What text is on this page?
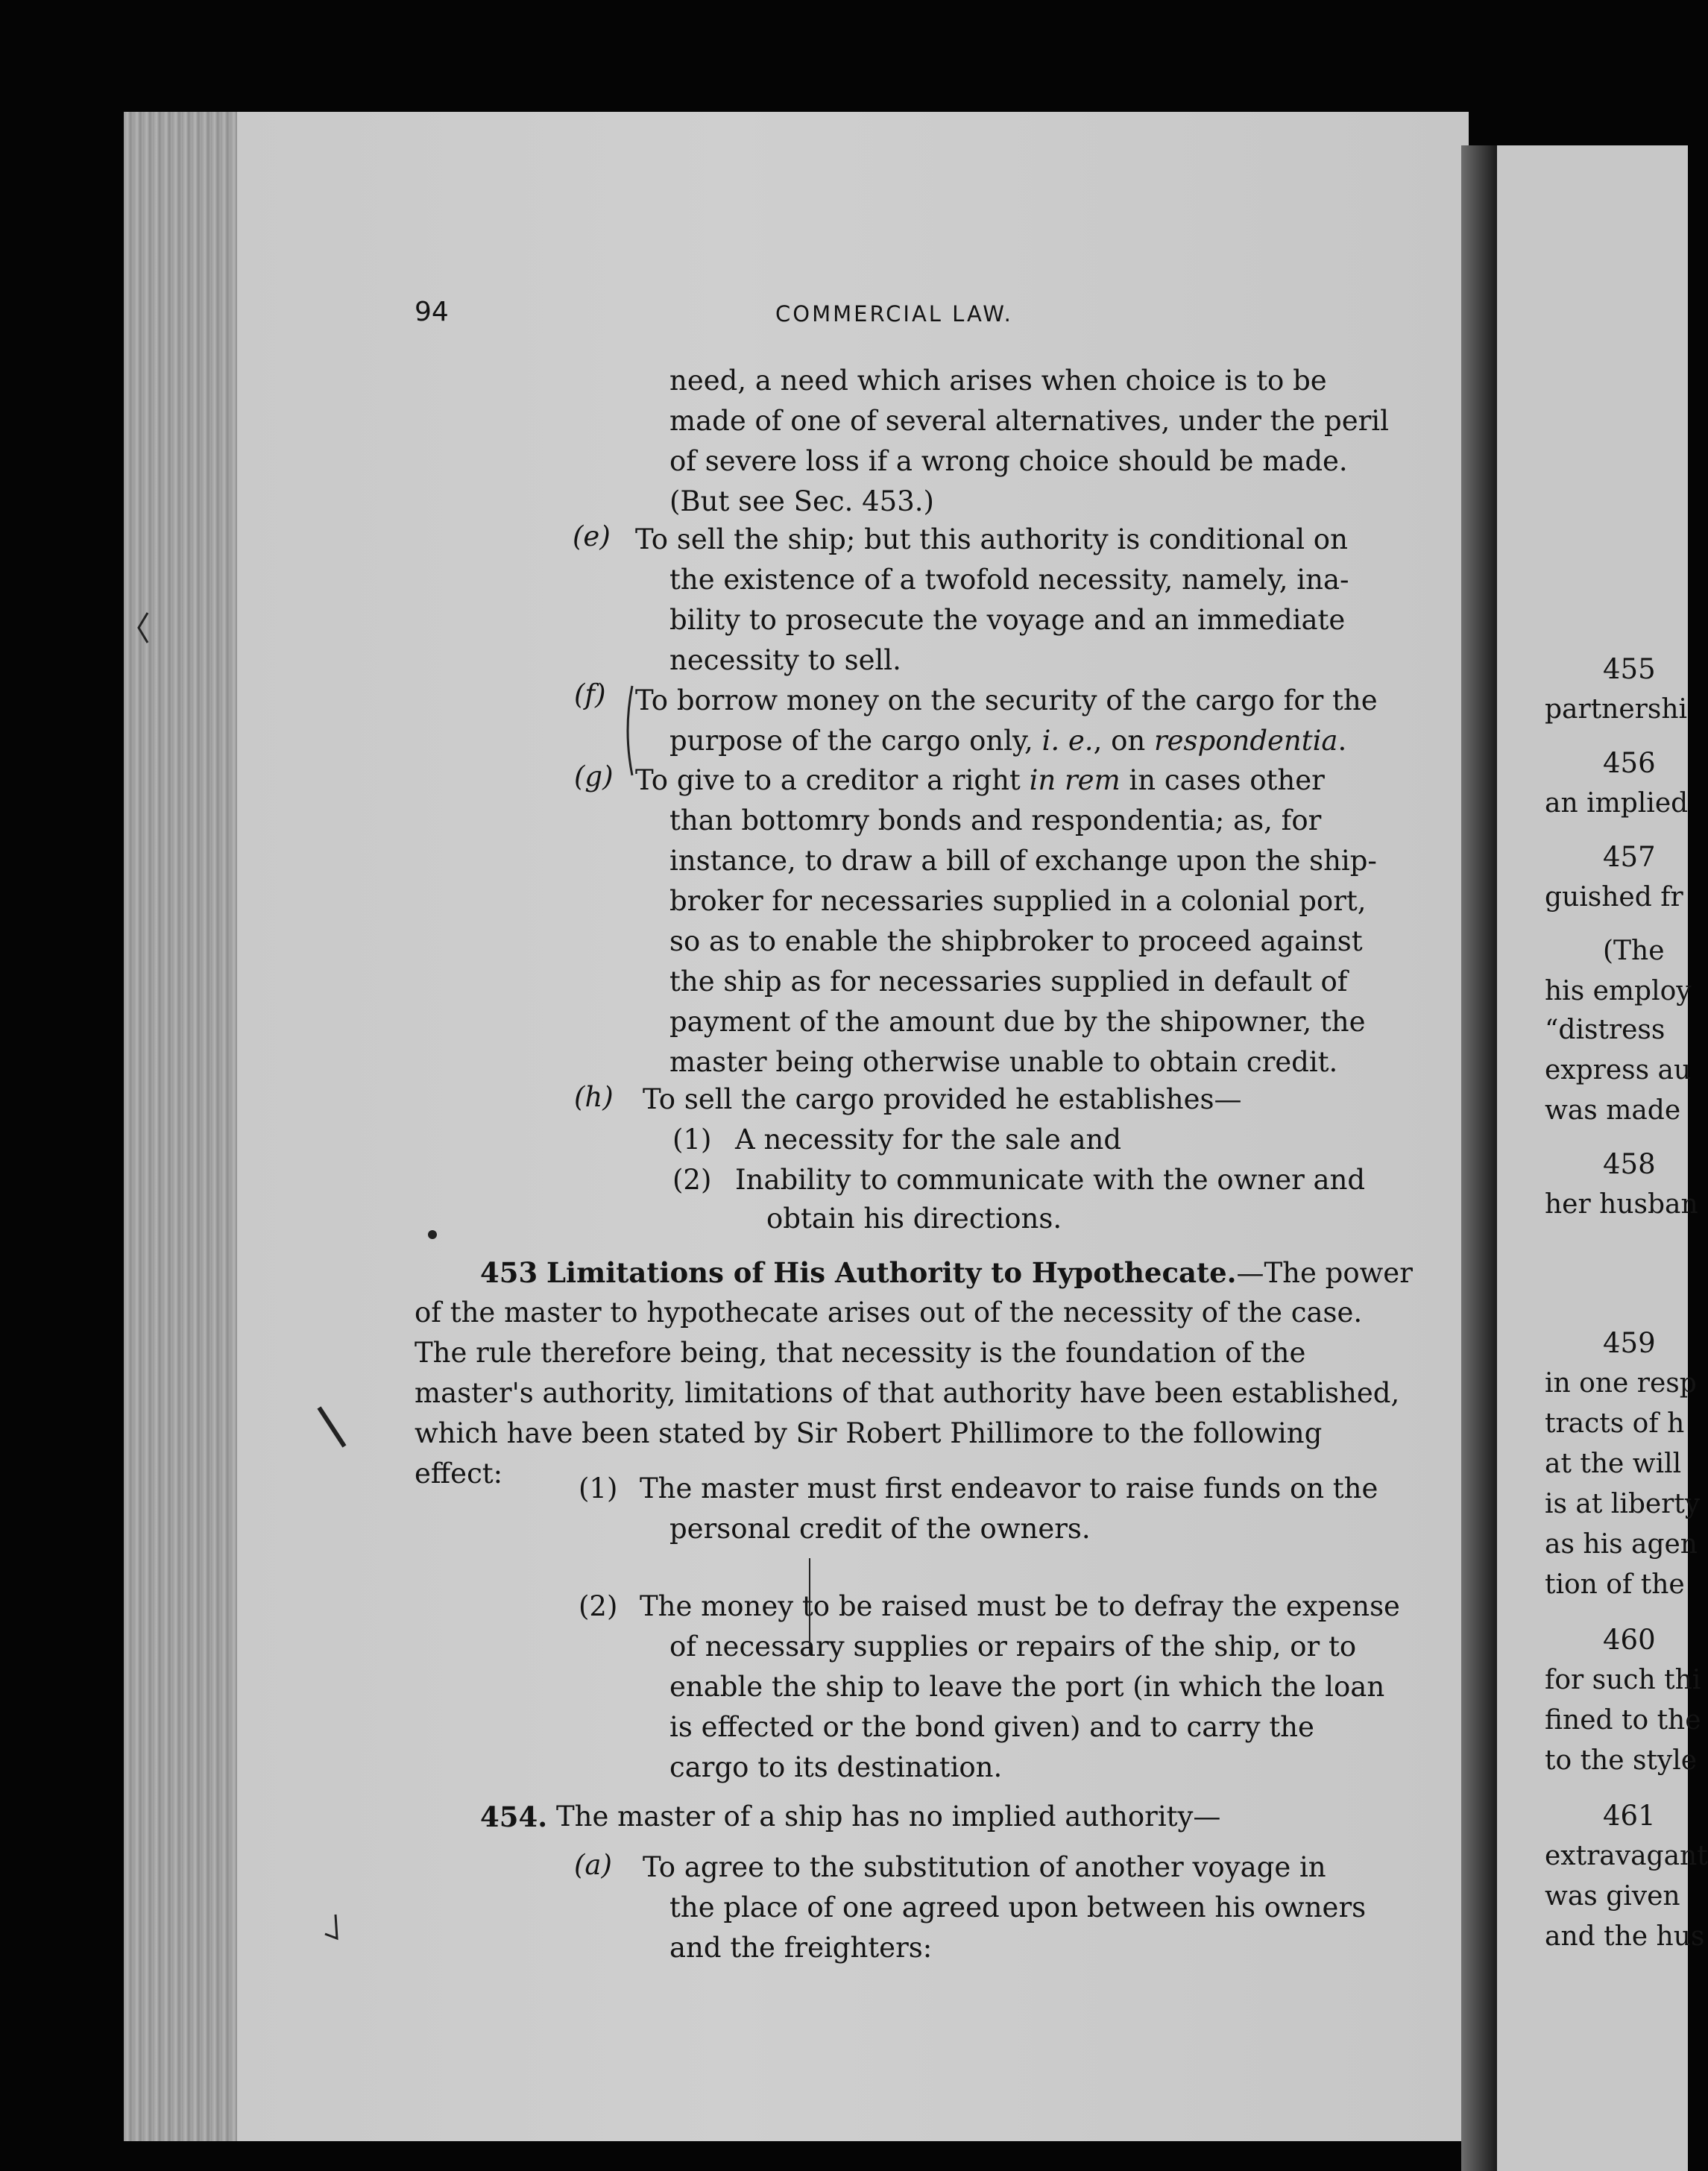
94	COMMERCIAL LAW.
need, a need which arises when choice is to be
made of one of several alternatives, under the peril
of severe loss if a wrong choice should be made.
(But see Sec. 453.)
(e) To sell the ship; but this authority is conditional on
the existence of a twofold necessity, namely, ina-
bility to prosecute the voyage and an immediate
necessity to sell.
(f) To borrow money on the security of the cargo for the
purpose of the cargo only, i. e., on respondentia.
(g) To give to a creditor a right in rem in cases other
than bottomry bonds and respondentia; as, for
instance, to draw a bill of exchange upon the ship-
broker for necessaries supplied in a colonial port,
so as to enable the shipbroker to proceed against
the ship as for necessaries supplied in default of
payment of the amount due by the shipowner, the
master being otherwise unable to obtain credit.
(h) To sell the cargo provided he establishes—
(1) A necessity for the sale and
(2) Inability to communicate with the owner and
obtain his directions.
453 Limitations of His Authority to Hypothecate.—The power
of the master to hypothecate arises out of the necessity of the case.
The rule therefore being, that necessity is the foundation of the
master's authority, limitations of that authority have been established,
which have been stated by Sir Robert Phillimore to the following
effect:	(1) The master must first endeavor to raise funds on the
personal credit of the owners.
(2) The money to be raised must be to defray the expense
of necessary supplies or repairs of the ship, or to
enable the ship to leave the port (in which the loan
is effected or the bond given) and to carry the
cargo to its destination.
454. The master of a ship has no implied authority—
(a) To agree to the substitution of another voyage in
the place of one agreed upon between his owners
and the freighters:
455
partnershi
456
an implied
457
guished fr
(The
his employ
“distress
express au
was made
458
her husban
459
in one resp
tracts of h
at the will
is at liberty
as his agen
tion of the
460
for such thi
fined to the
to the style
461
extravagant
was given
and the hus
